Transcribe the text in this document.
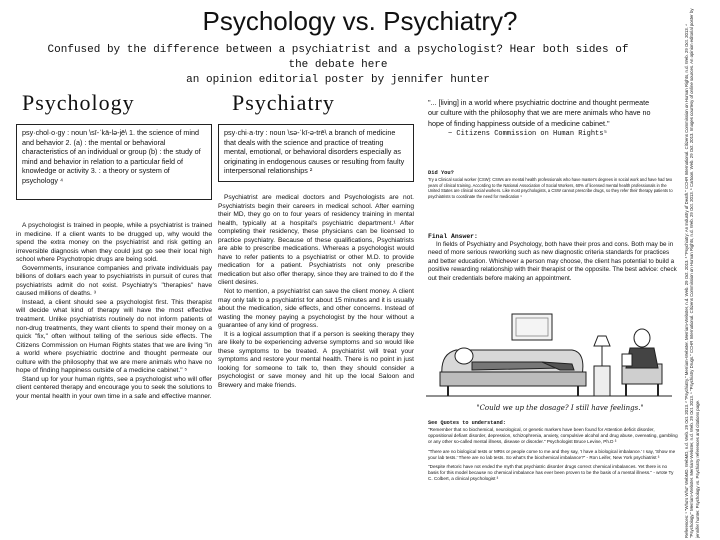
Psychology vs. Psychiatry?
Confused by the difference between a psychiatrist and a psychologist? Hear both sides of
the debate here
an opinion editorial poster by jennifer hunter
Psychology	Psychiatry
psy·chol·o·gy : noun \sī-ˈkä-lə-jē\ 1. the science of mind and behavior 2. (a) : the mental or behavioral characteristics of an individual or group (b) : the study of mind and behavior in relation to a particular field of knowledge or activity 3. : a theory or system of psychology ⁴
psy·chi·a·try : noun \sə-ˈkī-ə-trē\ a branch of medicine that deals with the science and practice of treating mental, emotional, or behavioral disorders especially as originating in endogenous causes or resulting from faulty interpersonal relationships ²

A psychologist is trained in people, while a psychiatrist is trained in medicine. If a client wants to be drugged up, why would the spend the extra money on the psychiatrist and risk getting an irreversible diagnosis when they could just go see their local high school where Psychotropic drugs are being sold.

Governments, insurance companies and private individuals pay billions of dollars each year to psychiatrists in pursuit of cures that psychiatrists admit do not exist. Psychiatry's "therapies" have caused millions of deaths. ³

Instead, a client should see a psychologist first. This therapist will decide what kind of therapy will have the most effective treatment. Unlike psychiatrists routinely do not inform patients of non-drug treatments, they want clients to spend their money on a quick "fix," often without telling of the serious side effects. The Citizens Commission on Human Rights states that we are living "in a world where psychiatric doctrine and thought permeate our culture with the philosophy that we are mere animals who have no hope of finding happiness outside of a medicine cabinet." ⁵

Stand up for your human rights, see a psychologist who will offer client centered therapy and encourage you to seek the solutions to your mental health in your own time in a safe and effective manner.

Psychiatrist are medical doctors and Psychologists are not. Psychiatrists begin their careers in medical school. After earning their MD, they go on to four years of residency training in mental health, typically at a hospital's psychiatric department.¹ After completing their residency, these physicians can be licensed to practice psychiatry. Because of these qualifications, Psychiatrists are able to prescribe medications. Whereas a psychologist would have to refer patients to a psychiatrist or other M.D. to provide medication for a patient. Psychiatrists not only prescribe medication but also offer therapy, since they are trained to do if the client desires.

Not to mention, a psychiatrist can save the client money. A client may only talk to a psychiatrist for about 15 minutes and it is usually about the medication, side effects, and other concerns. Instead of wasting the money paying a psychologist by the hour without a guarantee of any kind of progress.

It is a logical assumption that if a person is seeking therapy they are likely to be experiencing adverse symptoms and so would like these symptoms to be treated. A psychiatrist will treat your symptoms and restore your mental health. There is no point in just looking for someone to talk to, then they should consider a psychologist or save money and hit up the local Saloon and Brewery and make friends.

"... [living] in a world where psychiatric doctrine and thought permeate our culture with the philosophy that we are mere animals who have no hope of finding happiness outside of a medicine cabinet."
~ Citizens Commission on Human Rights⁵
Did You?
Try a Clinical social worker (CSW): CSWs are mental health professionals who have master's degrees in social work and have had two years of clinical training. According to the National Association of Social Workers, 60% of licensed mental health professionals in the United States are clinical social workers. Like most psychologists, a CSW cannot prescribe drugs, so they refer their therapy patients to psychiatrists to coordinate the need for medication ¹
Final Answer:
In fields of Psychiatry and Psychology, both have their pros and cons. Both may be in need of more serious reworking such as new diagnostic criteria standards for practices and better education. Whichever a person may choose, the client has potential to build a positive rewarding relationship with their therapist or the opposite. The best advice: check out their credentials before making an appointment.
"Could we up the dosage? I still have feelings."
See Quotes to understand:
"Remember that no biochemical, neurological, or genetic markers have been found for Attention deficit disorder, oppositional defiant disorder, depression, schizophrenia, anxiety, compulsive alcohol and drug abuse, overeating, gambling or any other so-called mental illness, disease or disorder." Psychologist Bruce Levine, Ph.D ³
"There are no biological tests or MRIs or people come to me and they say, 'I have a biological imbalance.' I say, 'Show me your lab tests.' There are no lab tests. So what's the biochemical imbalance?" - Ron Leifer, New York psychiatrist ³
"Despite rhetoric have not ended the myth that psychiatric disorder drugs correct chemical imbalances. Yet there is no basis for this model because no chemical imbalance has ever been proven to be the basis of a mental illness." - wrote Ty C. Colbert, a clinical psychologist ³	References: ¹ "Who's Who" WebMD. WebMD, n.d. Web. 29 Oct. 2013. ² "Psychiatry." Merriam-Webster. Merriam-Webster, n.d. Web. 29 Oct. 2013. ³ "Psychiatry: An Industry of Death." CCHR International. Citizens Commission on Human Rights, n.d. Web. 29 Oct. 2013. ⁴ "Psychology." Merriam-Webster. Merriam-Webster, n.d. Web. 29 Oct. 2013. ⁵ "Psychiatry Drugs." CCHR International. Citizens Commission on Human Rights, n.d. Web. 29 Oct. 2013. ⁶ Cartoon. Web. 29 Oct. 2013. Images courtesy of online sources. An opinion editorial poster by jennifer hunter. Psychology vs. Psychiatry references and citations page.
